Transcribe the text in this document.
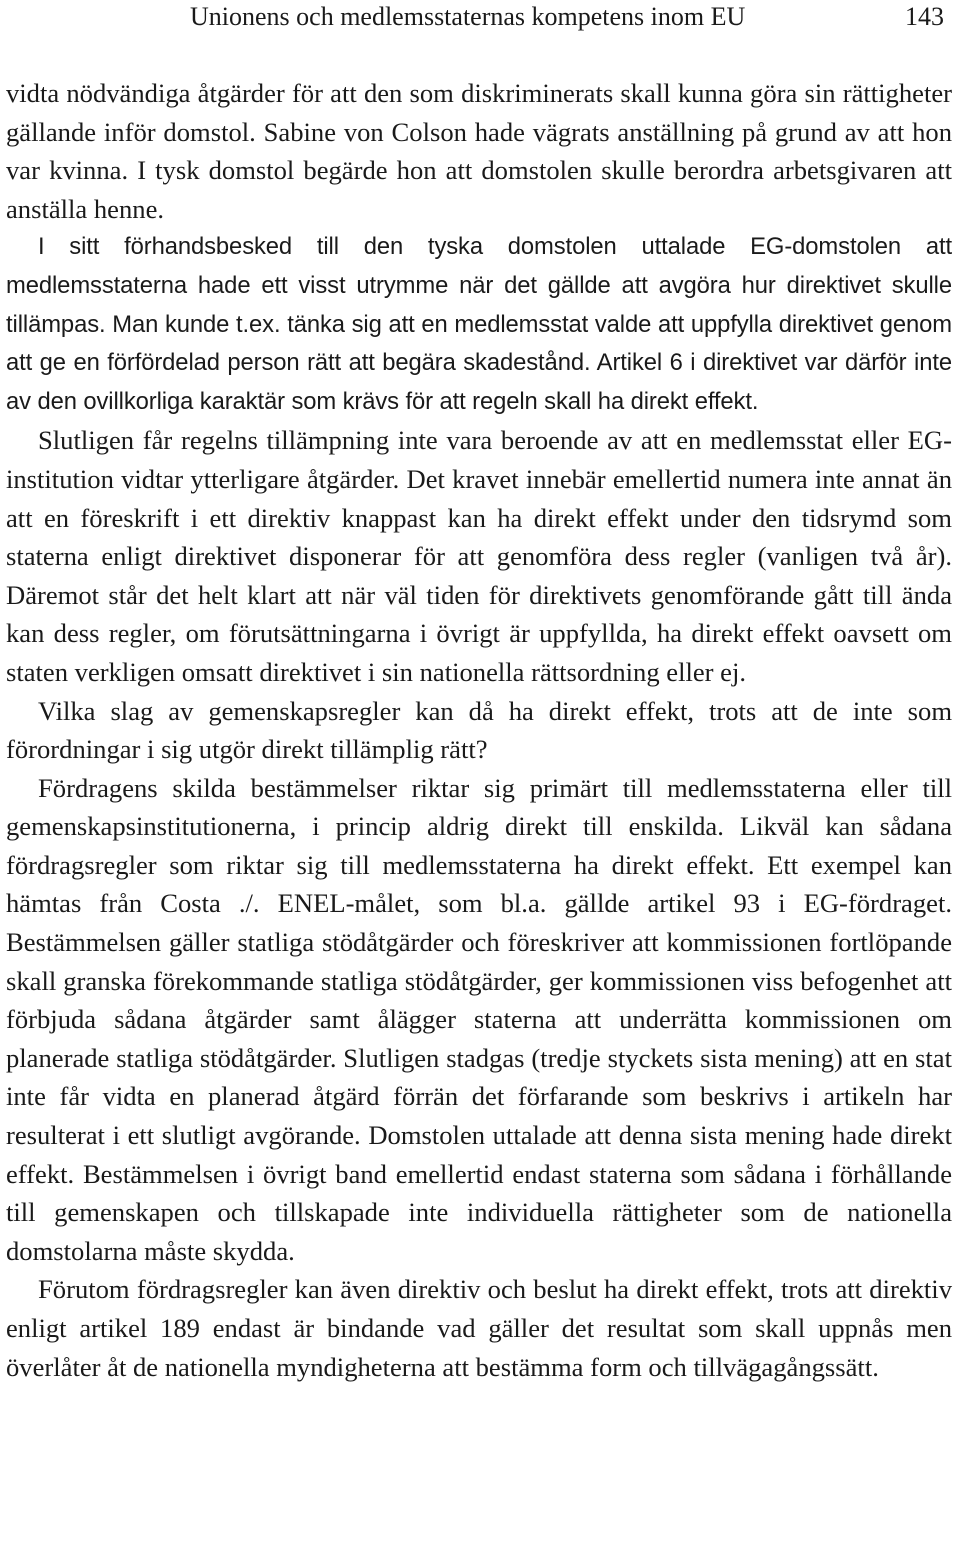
Unionens och medlemsstaternas kompetens inom EU	143

vidta nödvändiga åtgärder för att den som diskriminerats skall kunna göra sin rättigheter gällande inför domstol. Sabine von Colson hade vägrats anställning på grund av att hon var kvinna. I tysk domstol begärde hon att domstolen skulle berordra arbetsgivaren att anställa henne.

I sitt förhandsbesked till den tyska domstolen uttalade EG-domstolen att medlemsstaterna hade ett visst utrymme när det gällde att avgöra hur direktivet skulle tillämpas. Man kunde t.ex. tänka sig att en medlemsstat valde att uppfylla direktivet genom att ge en förfördelad person rätt att begära skadestånd. Artikel 6 i direktivet var därför inte av den ovillkorliga karaktär som krävs för att regeln skall ha direkt effekt.

Slutligen får regelns tillämpning inte vara beroende av att en medlemsstat eller EG-institution vidtar ytterligare åtgärder. Det kravet innebär emellertid numera inte annat än att en föreskrift i ett direktiv knappast kan ha direkt effekt under den tidsrymd som staterna enligt direktivet disponerar för att genomföra dess regler (vanligen två år). Däremot står det helt klart att när väl tiden för direktivets genomförande gått till ända kan dess regler, om förutsättningarna i övrigt är uppfyllda, ha direkt effekt oavsett om staten verkligen omsatt direktivet i sin nationella rättsordning eller ej.

Vilka slag av gemenskapsregler kan då ha direkt effekt, trots att de inte som förordningar i sig utgör direkt tillämplig rätt?

Fördragens skilda bestämmelser riktar sig primärt till medlemsstaterna eller till gemenskapsinstitutionerna, i princip aldrig direkt till enskilda. Likväl kan sådana fördragsregler som riktar sig till medlemsstaterna ha direkt effekt. Ett exempel kan hämtas från Costa ./. ENEL-målet, som bl.a. gällde artikel 93 i EG-fördraget. Bestämmelsen gäller statliga stödåtgärder och föreskriver att kommissionen fortlöpande skall granska förekommande statliga stödåtgärder, ger kommissionen viss befogenhet att förbjuda sådana åtgärder samt ålägger staterna att underrätta kommissionen om planerade statliga stödåtgärder. Slutligen stadgas (tredje styckets sista mening) att en stat inte får vidta en planerad åtgärd förrän det förfarande som beskrivs i artikeln har resulterat i ett slutligt avgörande. Domstolen uttalade att denna sista mening hade direkt effekt. Bestämmelsen i övrigt band emellertid endast staterna som sådana i förhållande till gemenskapen och tillskapade inte individuella rättigheter som de nationella domstolarna måste skydda.

Förutom fördragsregler kan även direktiv och beslut ha direkt effekt, trots att direktiv enligt artikel 189 endast är bindande vad gäller det resultat som skall uppnås men överlåter åt de nationella myndigheterna att bestämma form och tillvägagångssätt.
